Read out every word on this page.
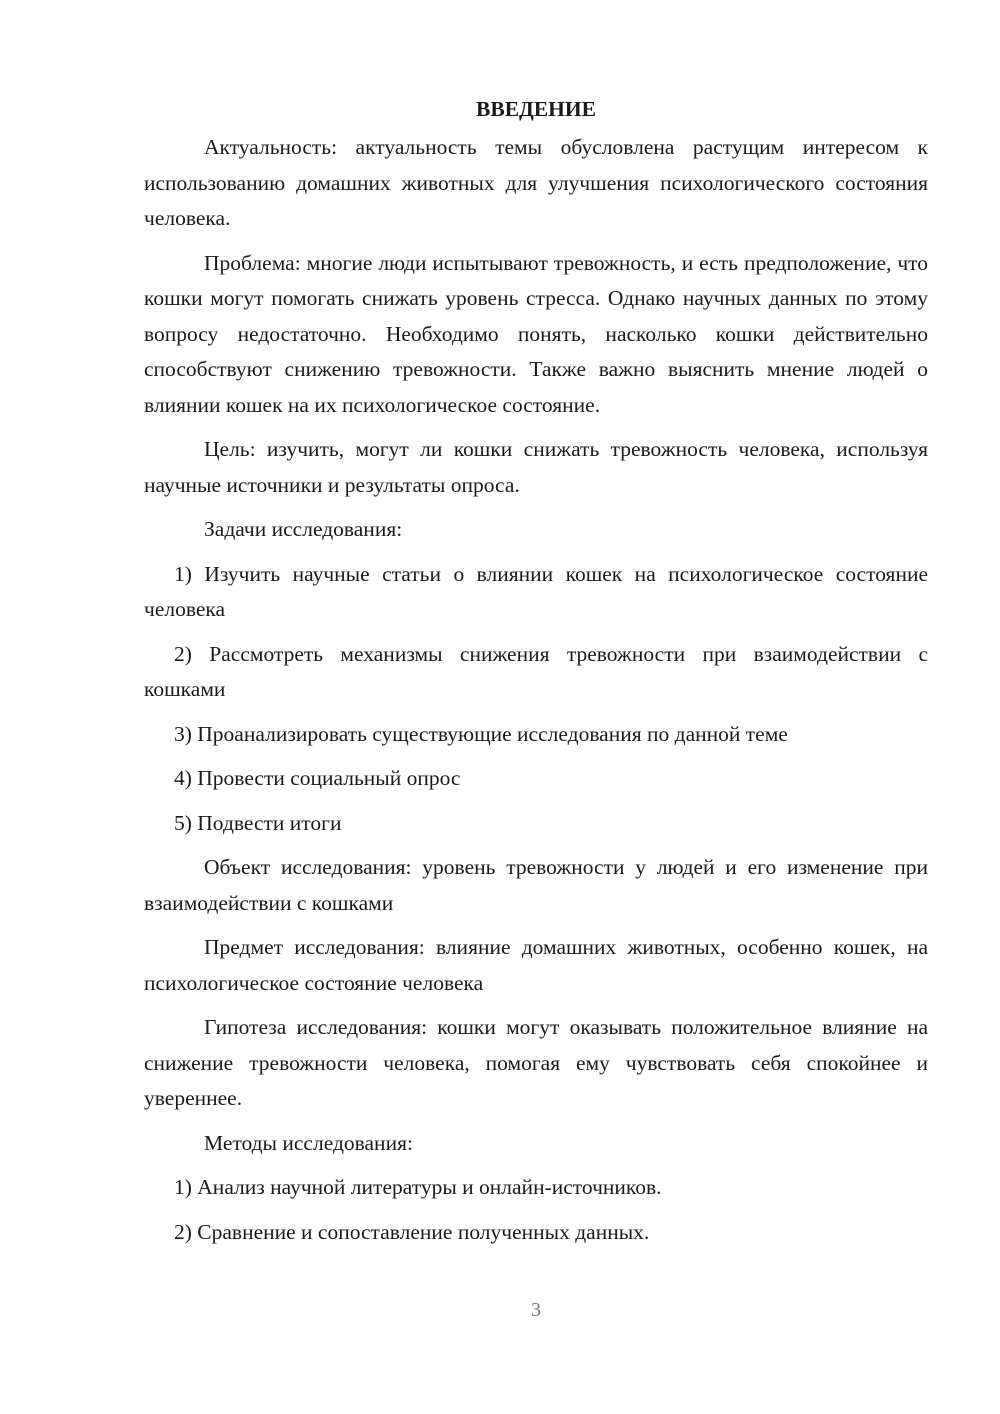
ВВЕДЕНИЕ

Актуальность: актуальность темы обусловлена растущим интересом к использованию домашних животных для улучшения психологического состояния человека.

Проблема: многие люди испытывают тревожность, и есть предположение, что кошки могут помогать снижать уровень стресса. Однако научных данных по этому вопросу недостаточно. Необходимо понять, насколько кошки действительно способствуют снижению тревожности. Также важно выяснить мнение людей о влиянии кошек на их психологическое состояние.

Цель: изучить, могут ли кошки снижать тревожность человека, используя научные источники и результаты опроса.

Задачи исследования:

1) Изучить научные статьи о влиянии кошек на психологическое состояние человека

2) Рассмотреть механизмы снижения тревожности при взаимодействии с кошками

3) Проанализировать существующие исследования по данной теме

4) Провести социальный опрос

5) Подвести итоги

Объект исследования: уровень тревожности у людей и его изменение при взаимодействии с кошками

Предмет исследования: влияние домашних животных, особенно кошек, на психологическое состояние человека

Гипотеза исследования: кошки могут оказывать положительное влияние на снижение тревожности человека, помогая ему чувствовать себя спокойнее и увереннее.

Методы исследования:

1) Анализ научной литературы и онлайн-источников.

2) Сравнение и сопоставление полученных данных.

3
